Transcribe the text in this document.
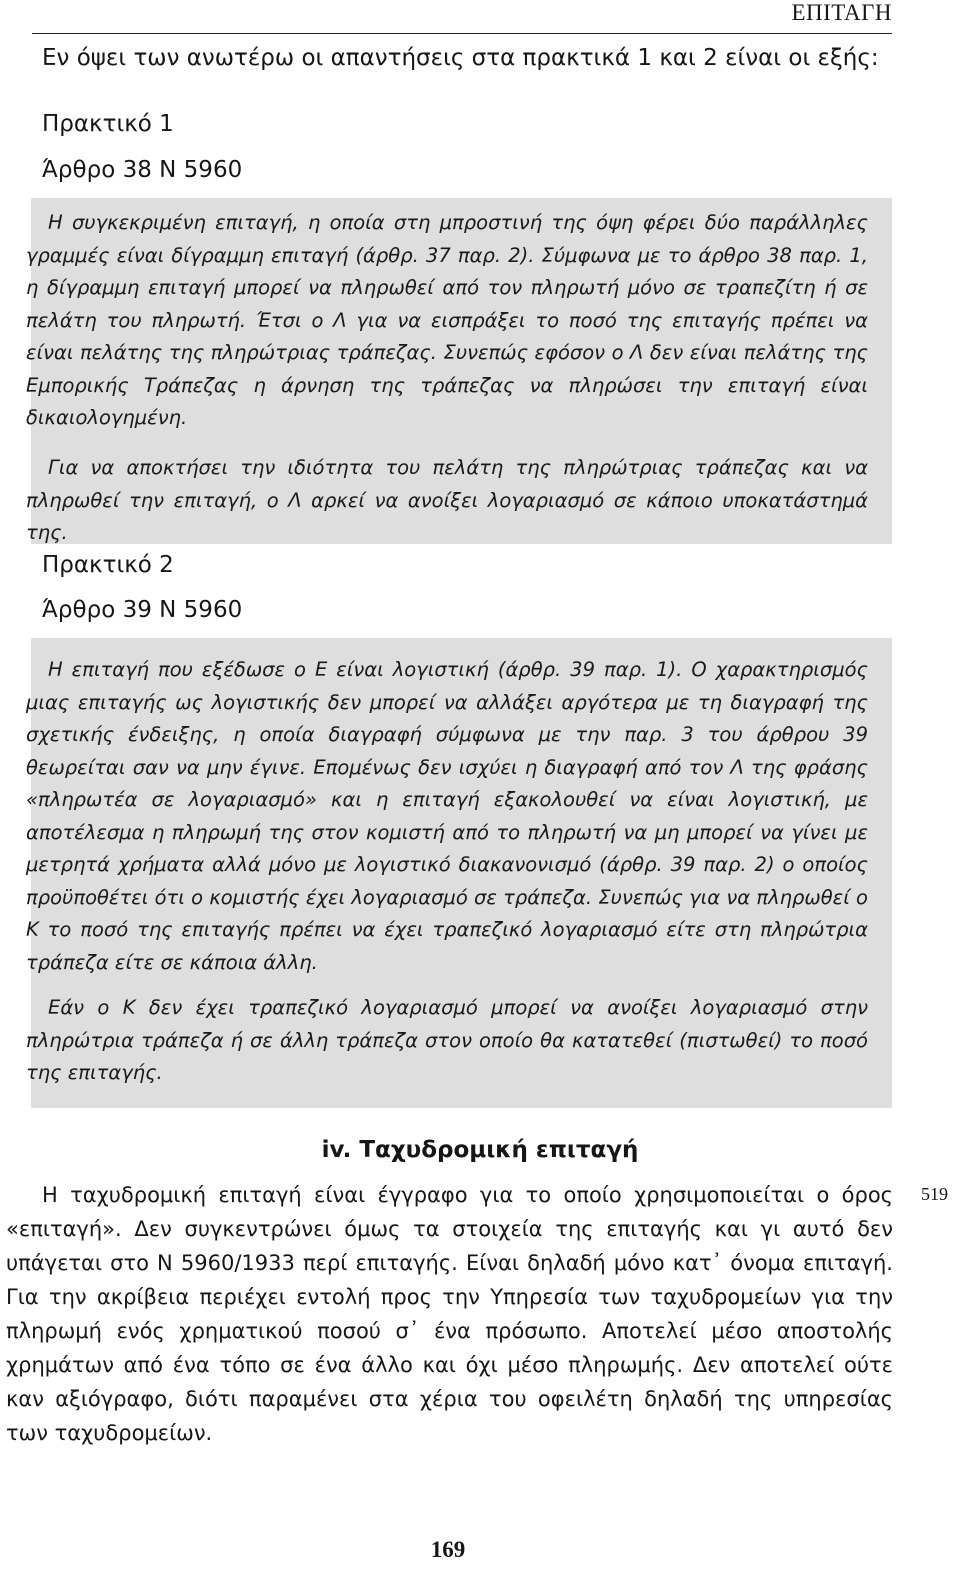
ΕΠΙΤΑΓΗ
Εν όψει των ανωτέρω οι απαντήσεις στα πρακτικά 1 και 2 είναι οι εξής:
Πρακτικό 1
Άρθρο 38 Ν 5960

Η συγκεκριμένη επιταγή, η οποία στη μπροστινή της όψη φέρει δύο παράλληλες γραμμές είναι δίγραμμη επιταγή (άρθρ. 37 παρ. 2). Σύμφωνα με το άρθρο 38 παρ. 1, η δίγραμμη επιταγή μπορεί να πληρωθεί από τον πληρωτή μόνο σε τραπεζίτη ή σε πελάτη του πληρωτή. Έτσι ο Λ για να εισπράξει το ποσό της επιταγής πρέπει να είναι πελάτης της πληρώτριας τράπεζας. Συνεπώς εφόσον ο Λ δεν είναι πελάτης της Εμπορικής Τράπεζας η άρνηση της τράπεζας να πληρώσει την επιταγή είναι δικαιολογημένη.

Για να αποκτήσει την ιδιότητα του πελάτη της πληρώτριας τράπεζας και να πληρωθεί την επιταγή, ο Λ αρκεί να ανοίξει λογαριασμό σε κάποιο υποκατάστημά της.

Πρακτικό 2
Άρθρο 39 Ν 5960

Η επιταγή που εξέδωσε ο Ε είναι λογιστική (άρθρ. 39 παρ. 1). Ο χαρακτηρισμός μιας επιταγής ως λογιστικής δεν μπορεί να αλλάξει αργότερα με τη διαγραφή της σχετικής ένδειξης, η οποία διαγραφή σύμφωνα με την παρ. 3 του άρθρου 39 θεωρείται σαν να μην έγινε. Επομένως δεν ισχύει η διαγραφή από τον Λ της φράσης «πληρωτέα σε λογαριασμό» και η επιταγή εξακολουθεί να είναι λογιστική, με αποτέλεσμα η πληρωμή της στον κομιστή από το πληρωτή να μη μπορεί να γίνει με μετρητά χρήματα αλλά μόνο με λογιστικό διακανονισμό (άρθρ. 39 παρ. 2) ο οποίος προϋποθέτει ότι ο κομιστής έχει λογαριασμό σε τράπεζα. Συνεπώς για να πληρωθεί ο Κ το ποσό της επιταγής πρέπει να έχει τραπεζικό λογαριασμό είτε στη πληρώτρια τράπεζα είτε σε κάποια άλλη.

Εάν ο Κ δεν έχει τραπεζικό λογαριασμό μπορεί να ανοίξει λογαριασμό στην πληρώτρια τράπεζα ή σε άλλη τράπεζα στον οποίο θα κατατεθεί (πιστωθεί) το ποσό της επιταγής.

iv. Ταχυδρομική επιταγή

Η ταχυδρομική επιταγή είναι έγγραφο για το οποίο χρησιμοποιείται ο όρος «επιταγή». Δεν συγκεντρώνει όμως τα στοιχεία της επιταγής και γι αυτό δεν υπάγεται στο Ν 5960/1933 περί επιταγής. Είναι δηλαδή μόνο κατ᾽ όνομα επιταγή. Για την ακρίβεια περιέχει εντολή προς την Υπηρεσία των ταχυδρομείων για την πληρωμή ενός χρηματικού ποσού σ᾽ ένα πρόσωπο. Αποτελεί μέσο αποστολής χρημάτων από ένα τόπο σε ένα άλλο και όχι μέσο πληρωμής. Δεν αποτελεί ούτε καν αξιόγραφο, διότι παραμένει στα χέρια του οφειλέτη δηλαδή της υπηρεσίας των ταχυδρομείων.

519
169
